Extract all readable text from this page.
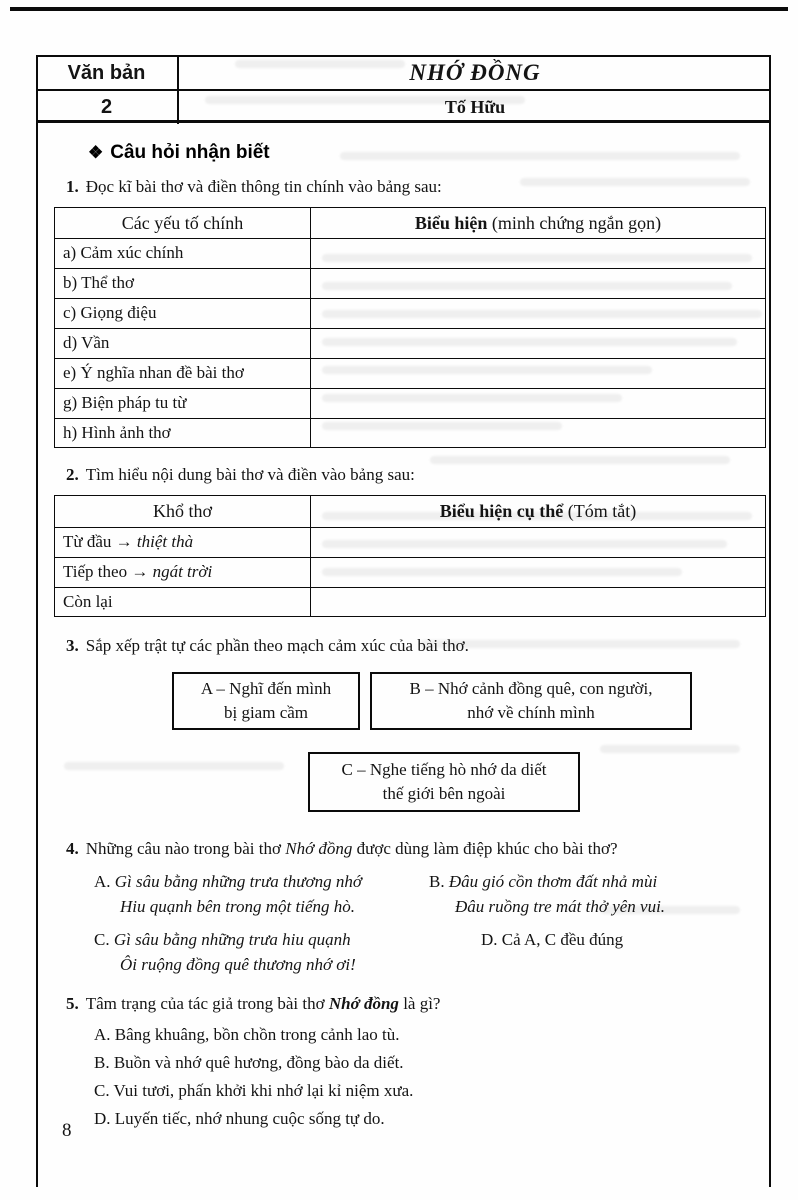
Văn bản	NHỚ ĐỒNG
2	Tố Hữu
❖ Câu hỏi nhận biết

1. Đọc kĩ bài thơ và điền thông tin chính vào bảng sau:

Các yếu tố chính	Biểu hiện (minh chứng ngắn gọn)
a) Cảm xúc chính	
b) Thể thơ	
c) Giọng điệu	
d) Vần	
e) Ý nghĩa nhan đề bài thơ	
g) Biện pháp tu từ	
h) Hình ảnh thơ	

2. Tìm hiểu nội dung bài thơ và điền vào bảng sau:

Khổ thơ	Biểu hiện cụ thể (Tóm tắt)
Từ đầu → thiệt thà	
Tiếp theo → ngát trời	
Còn lại	

3. Sắp xếp trật tự các phần theo mạch cảm xúc của bài thơ.

A – Nghĩ đến mình
bị giam cầm
B – Nhớ cảnh đồng quê, con người,
nhớ về chính mình
C – Nghe tiếng hò nhớ da diết
thế giới bên ngoài

4. Những câu nào trong bài thơ Nhớ đồng được dùng làm điệp khúc cho bài thơ?

A. Gì sâu bằng những trưa thương nhớ
Hiu quạnh bên trong một tiếng hò.
B. Đâu gió cồn thơm đất nhả mùi
Đâu ruồng tre mát thở yên vui.
C. Gì sâu bằng những trưa hiu quạnh
Ôi ruộng đồng quê thương nhớ ơi!
D. Cả A, C đều đúng

5. Tâm trạng của tác giả trong bài thơ Nhớ đồng là gì?

A. Bâng khuâng, bồn chồn trong cảnh lao tù.
B. Buồn và nhớ quê hương, đồng bào da diết.
C. Vui tươi, phấn khởi khi nhớ lại kỉ niệm xưa.
D. Luyến tiếc, nhớ nhung cuộc sống tự do.
8
